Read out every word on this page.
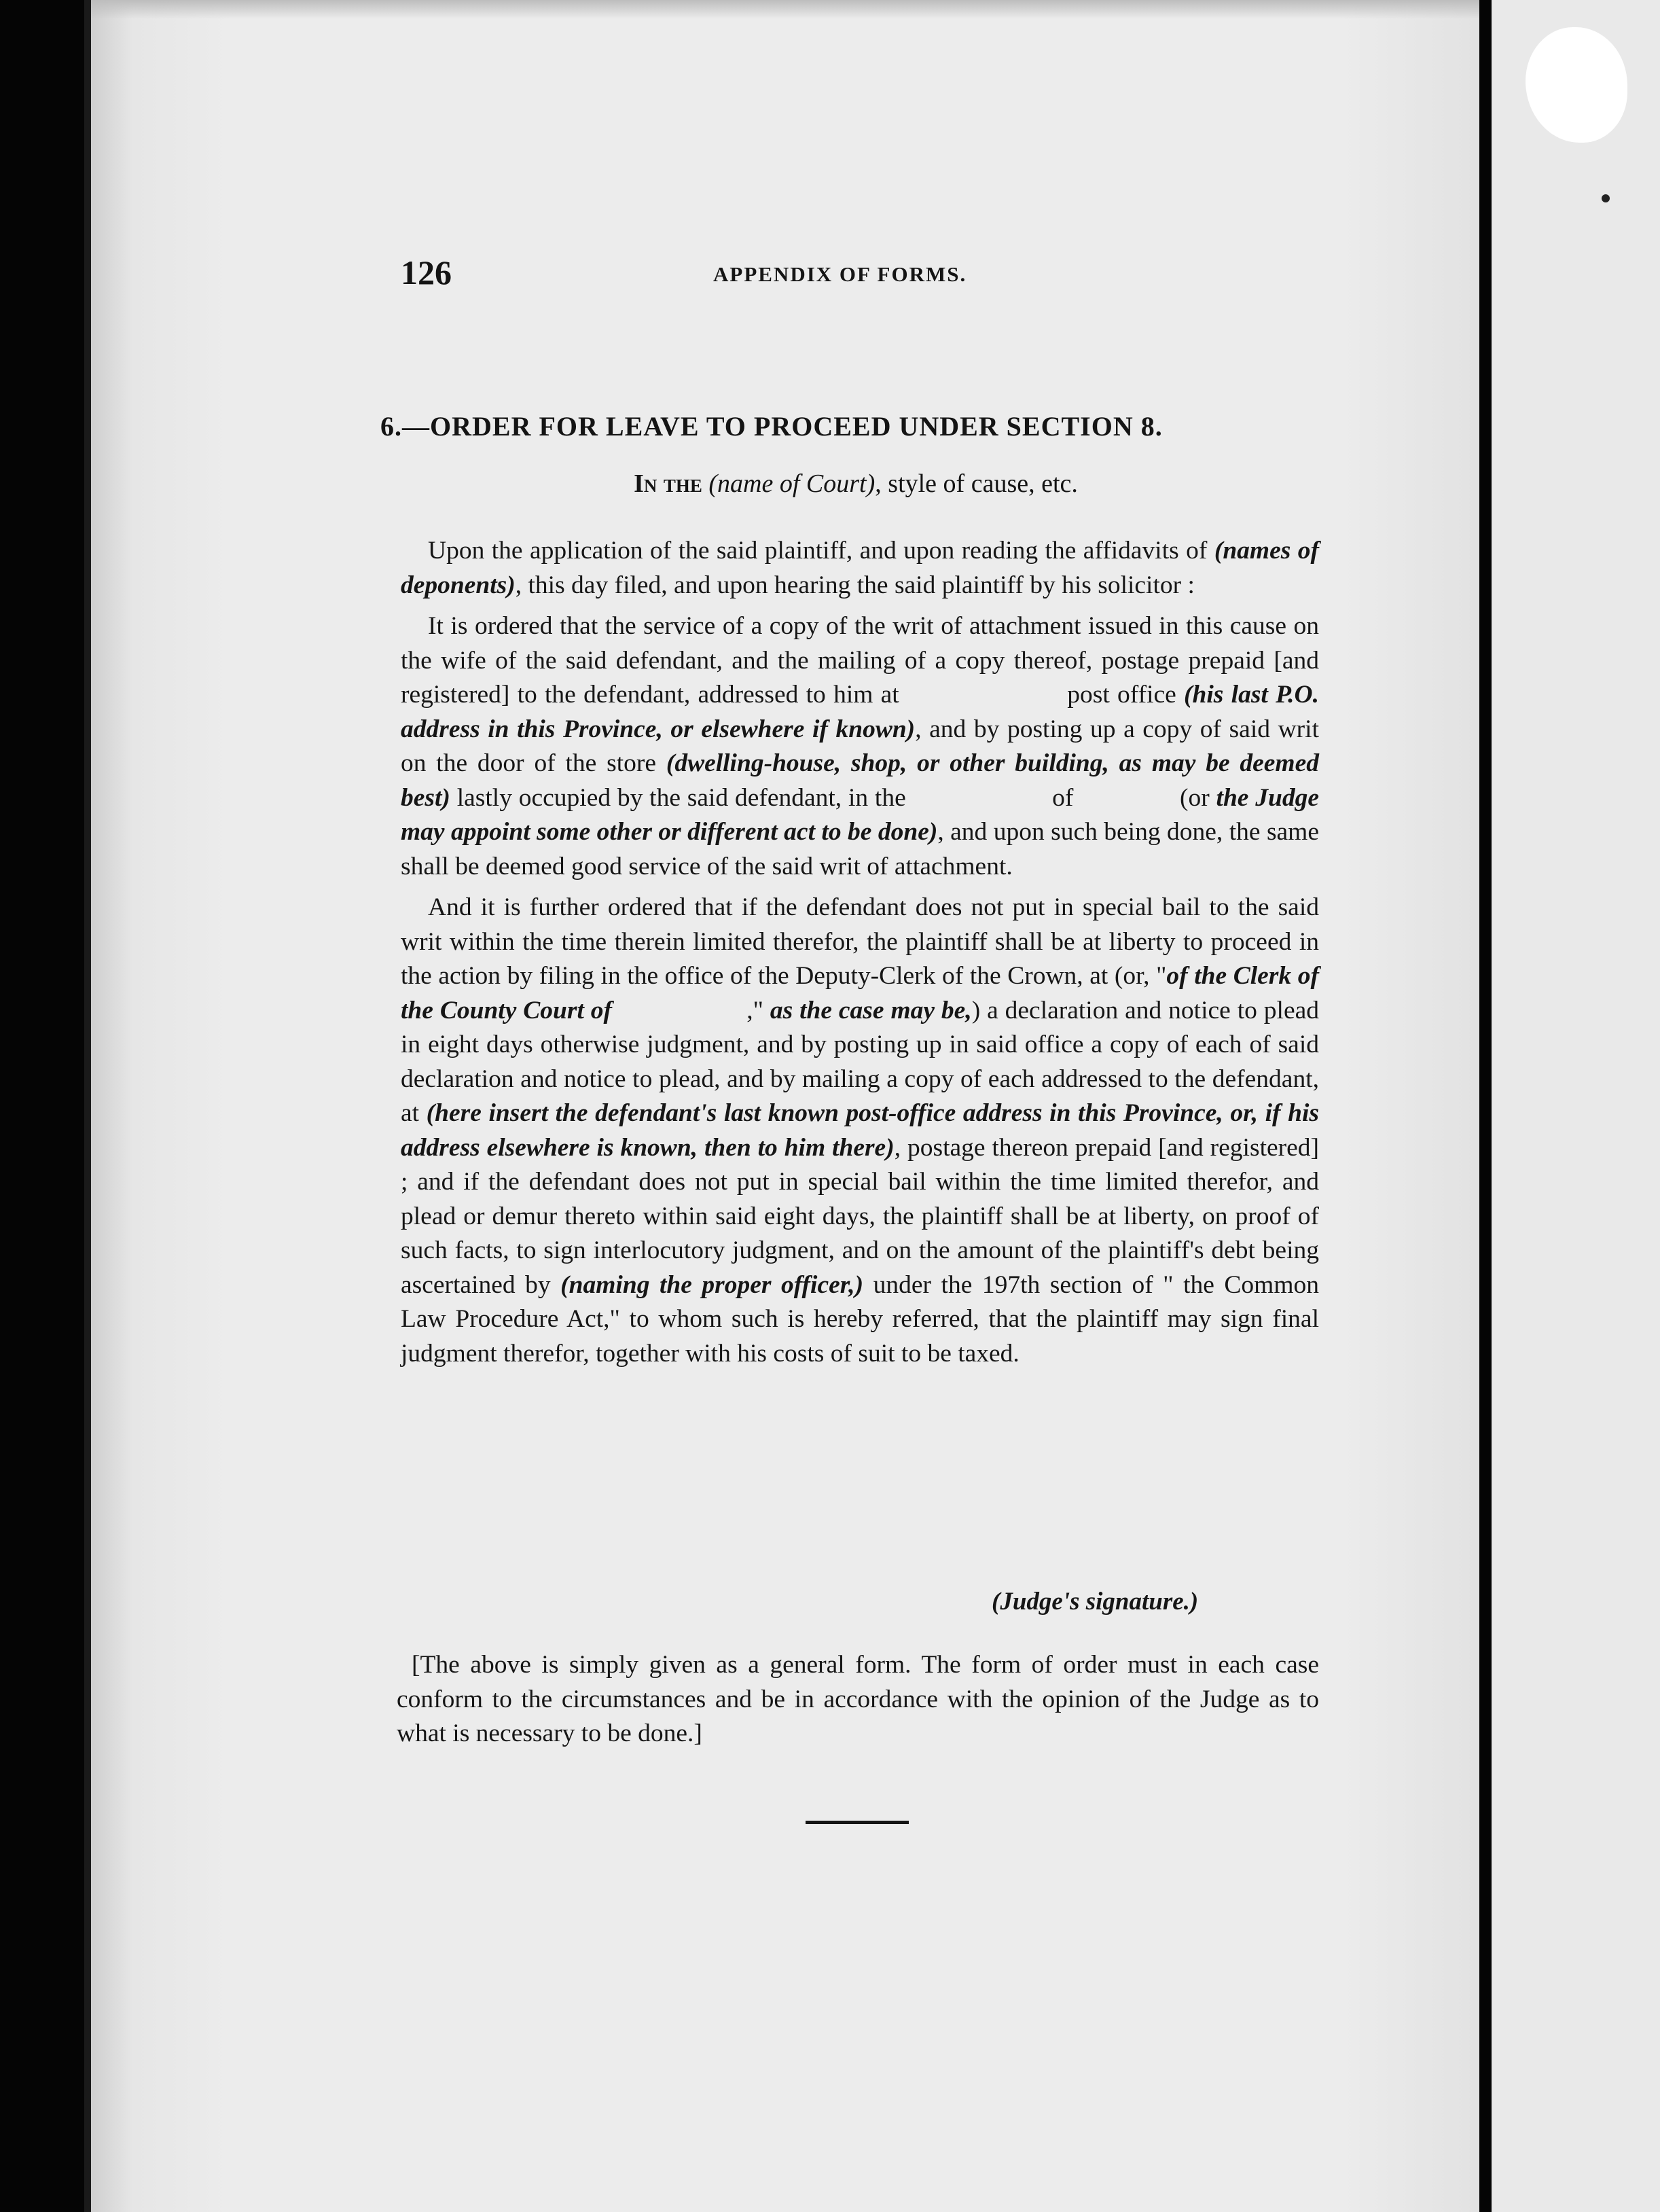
126	APPENDIX OF FORMS.
6.—ORDER FOR LEAVE TO PROCEED UNDER SECTION 8.
In the (name of Court), style of cause, etc.

Upon the application of the said plaintiff, and upon reading the affidavits of (names of deponents), this day filed, and upon hearing the said plaintiff by his solicitor :

It is ordered that the service of a copy of the writ of attachment issued in this cause on the wife of the said defendant, and the mailing of a copy thereof, postage prepaid [and registered] to the defendant, addressed to him at                      post office (his last P.O. address in this Province, or elsewhere if known), and by posting up a copy of said writ on the door of the store (dwelling-house, shop, or other building, as may be deemed best) lastly occupied by the said defendant, in the                      of                (or the Judge may appoint some other or different act to be done), and upon such being done, the same shall be deemed good service of the said writ of attachment.

And it is further ordered that if the defendant does not put in special bail to the said writ within the time therein limited therefor, the plaintiff shall be at liberty to proceed in the action by filing in the office of the Deputy-Clerk of the Crown, at (or, "of the Clerk of the County Court of                    ," as the case may be,) a declaration and notice to plead in eight days otherwise judgment, and by posting up in said office a copy of each of said declaration and notice to plead, and by mailing a copy of each addressed to the defendant, at (here insert the defendant's last known post-office address in this Province, or, if his address elsewhere is known, then to him there), postage thereon prepaid [and registered] ; and if the defendant does not put in special bail within the time limited therefor, and plead or demur thereto within said eight days, the plaintiff shall be at liberty, on proof of such facts, to sign interlocutory judgment, and on the amount of the plaintiff's debt being ascertained by (naming the proper officer,) under the 197th section of " the Common Law Procedure Act," to whom such is hereby referred, that the plaintiff may sign final judgment therefor, together with his costs of suit to be taxed.

(Judge's signature.)

[The above is simply given as a general form. The form of order must in each case conform to the circumstances and be in accordance with the opinion of the Judge as to what is necessary to be done.]
